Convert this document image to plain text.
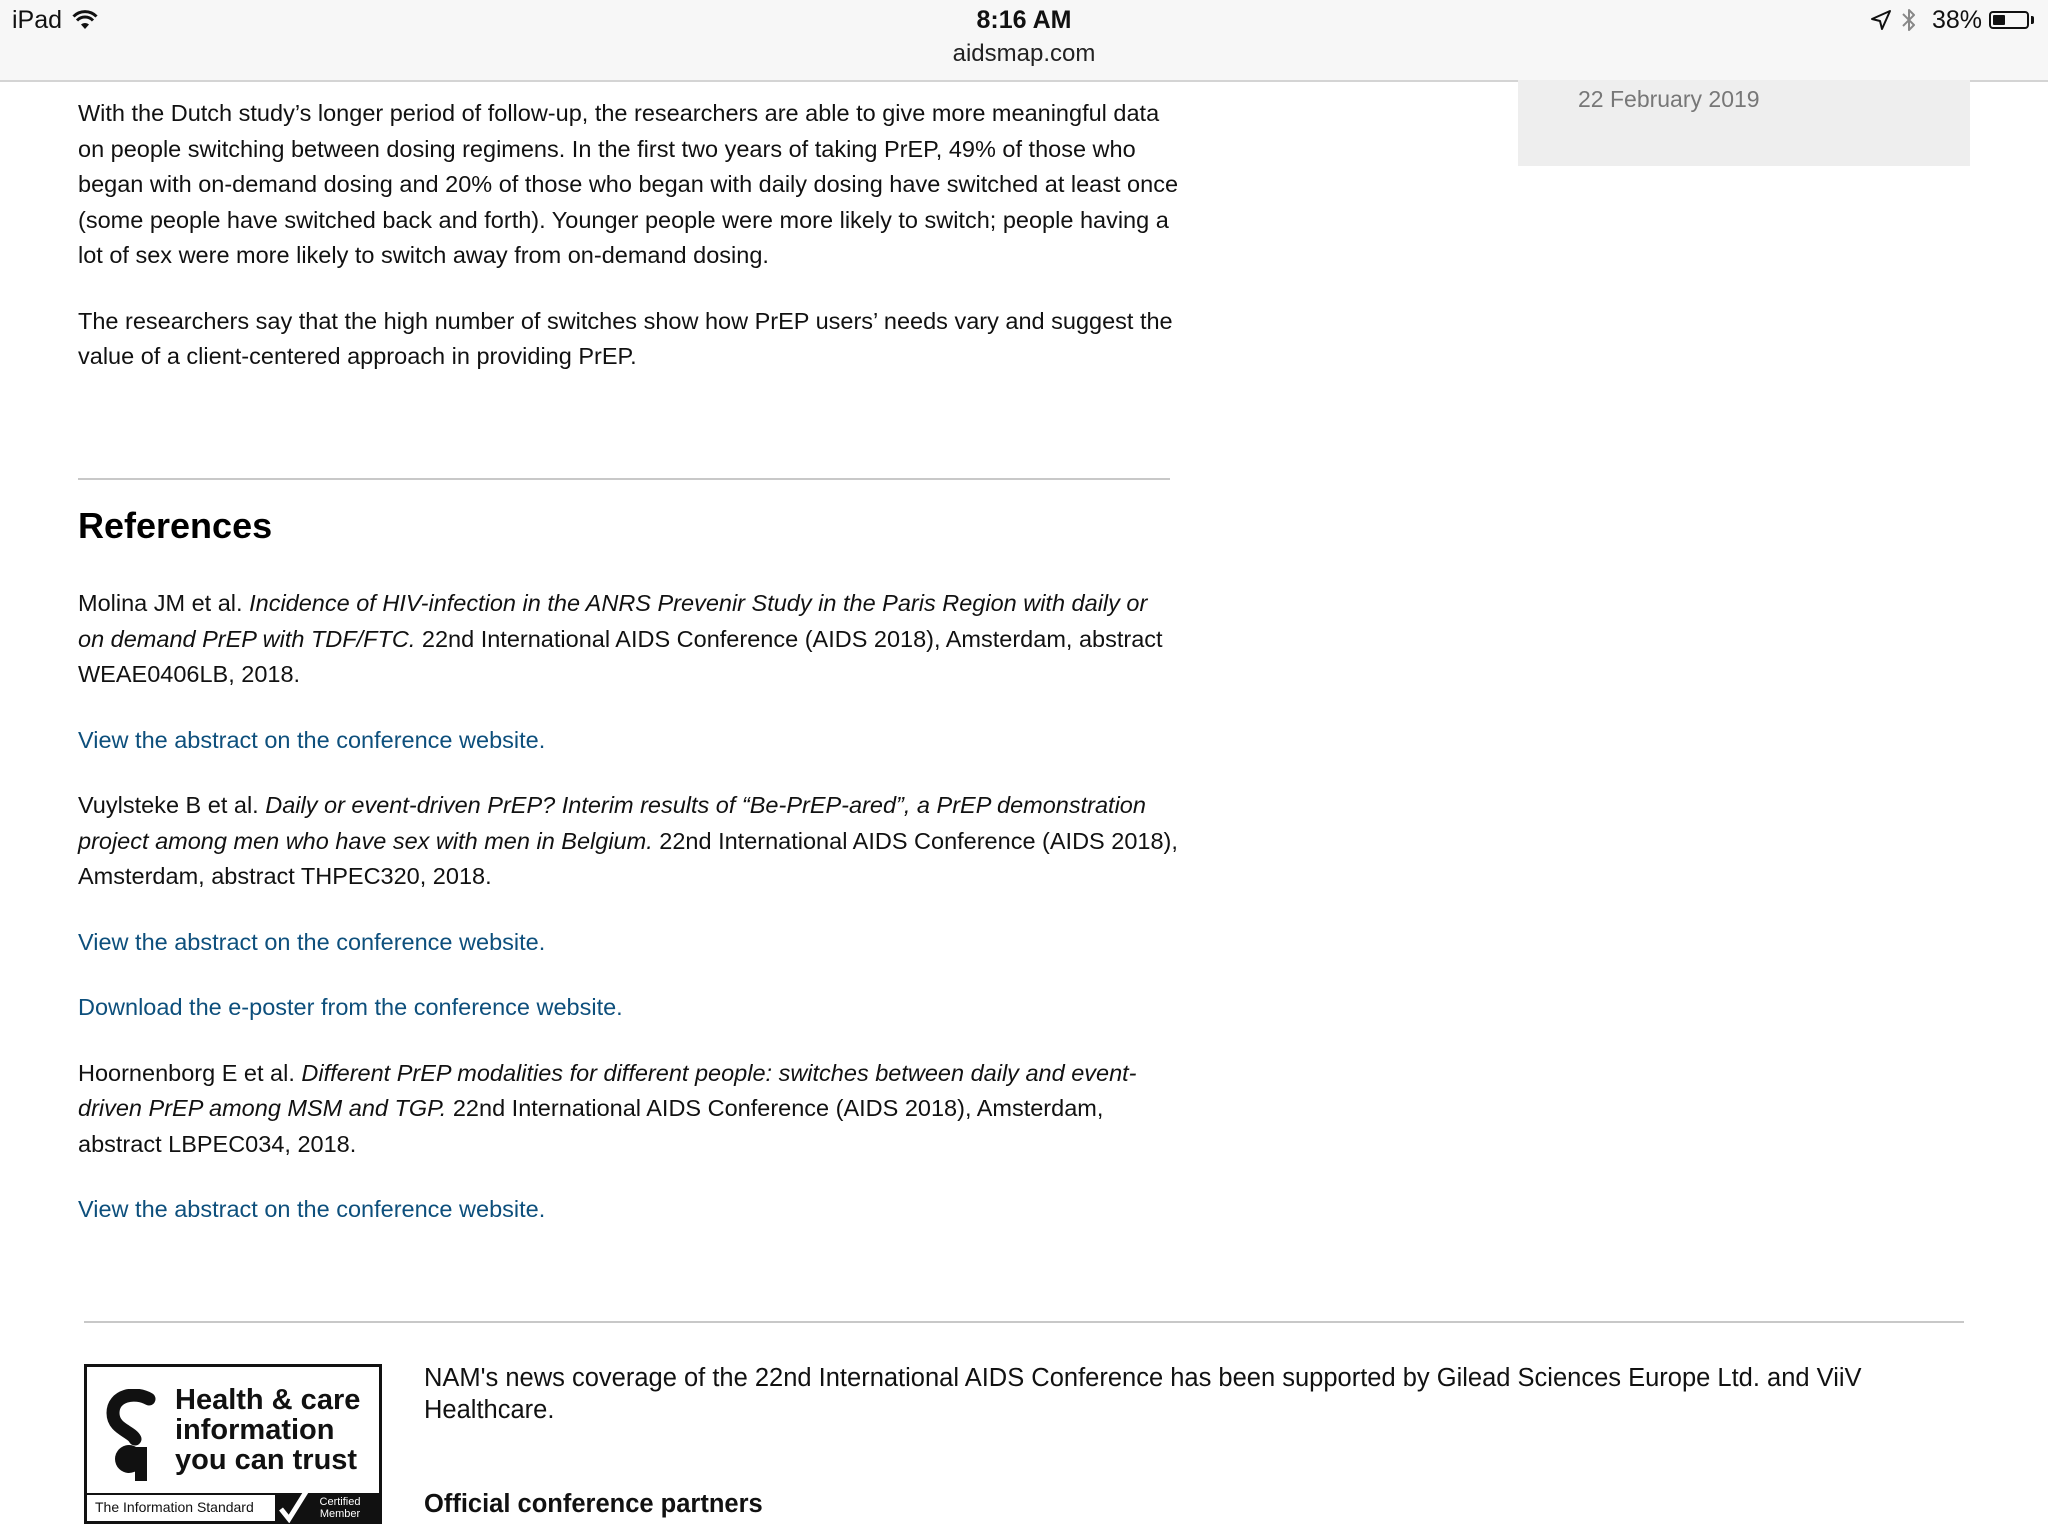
iPad	8:16 AM
aidsmap.com
38%
22 February 2019

With the Dutch study’s longer period of follow-up, the researchers are able to give more meaningful data on people switching between dosing regimens. In the first two years of taking PrEP, 49% of those who began with on-demand dosing and 20% of those who began with daily dosing have switched at least once (some people have switched back and forth). Younger people were more likely to switch; people having a lot of sex were more likely to switch away from on-demand dosing.

The researchers say that the high number of switches show how PrEP users’ needs vary and suggest the value of a client-centered approach in providing PrEP.

References

Molina JM et al. Incidence of HIV-infection in the ANRS Prevenir Study in the Paris Region with daily or on demand PrEP with TDF/FTC. 22nd International AIDS Conference (AIDS 2018), Amsterdam, abstract WEAE0406LB, 2018.

View the abstract on the conference website.

Vuylsteke B et al. Daily or event-driven PrEP? Interim results of “Be-PrEP-ared”, a PrEP demonstration project among men who have sex with men in Belgium. 22nd International AIDS Conference (AIDS 2018), Amsterdam, abstract THPEC320, 2018.

View the abstract on the conference website.
Download the e-poster from the conference website.

Hoornenborg E et al. Different PrEP modalities for different people: switches between daily and event-driven PrEP among MSM and TGP. 22nd International AIDS Conference (AIDS 2018), Amsterdam, abstract LBPEC034, 2018.

View the abstract on the conference website.
Health & care information you can trust
The Information Standard	Certified Member

NAM's news coverage of the 22nd International AIDS Conference has been supported by Gilead Sciences Europe Ltd. and ViiV Healthcare.

Official conference partners
